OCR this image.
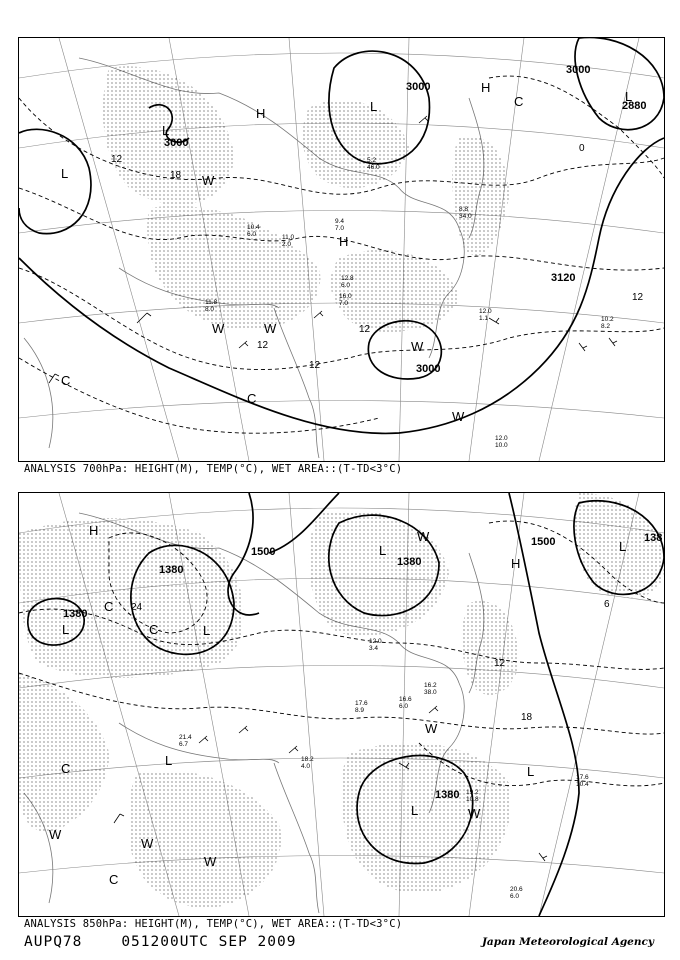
3000
3000
3000
2880
3120
3000
L
L
L
L
H
H
H
W
W	W
W
W
C
C
C
12
18
12
12
12
12
0
10.4
6.0
9.4
7.0
11.0
2.0
5.2
46.0
12.0
1.1
12.0
10.0
10.2
8.2
16.0
7.0
8.8
34.0
11.8
8.0
12.8
6.0
ANALYSIS 700hPa: HEIGHT(M), TEMP(°C), WET AREA::(T-TD<3°C)
1500
1500
1380
1380
1380
1380
138
H
H
L	L
L	L
L
L
L
W
W
W
W
W
W
C
C
C
C
24
12
18
6
12.0
3.4
16.6
6.0
16.2
38.0
19.2
10.8
20.6
6.0
21.4
6.7
17.6
10.4
18.2
4.0
17.6
8.9
ANALYSIS 850hPa: HEIGHT(M), TEMP(°C), WET AREA::(T-TD<3°C)
AUPQ78	051200UTC SEP 2009	Japan Meteorological Agency
